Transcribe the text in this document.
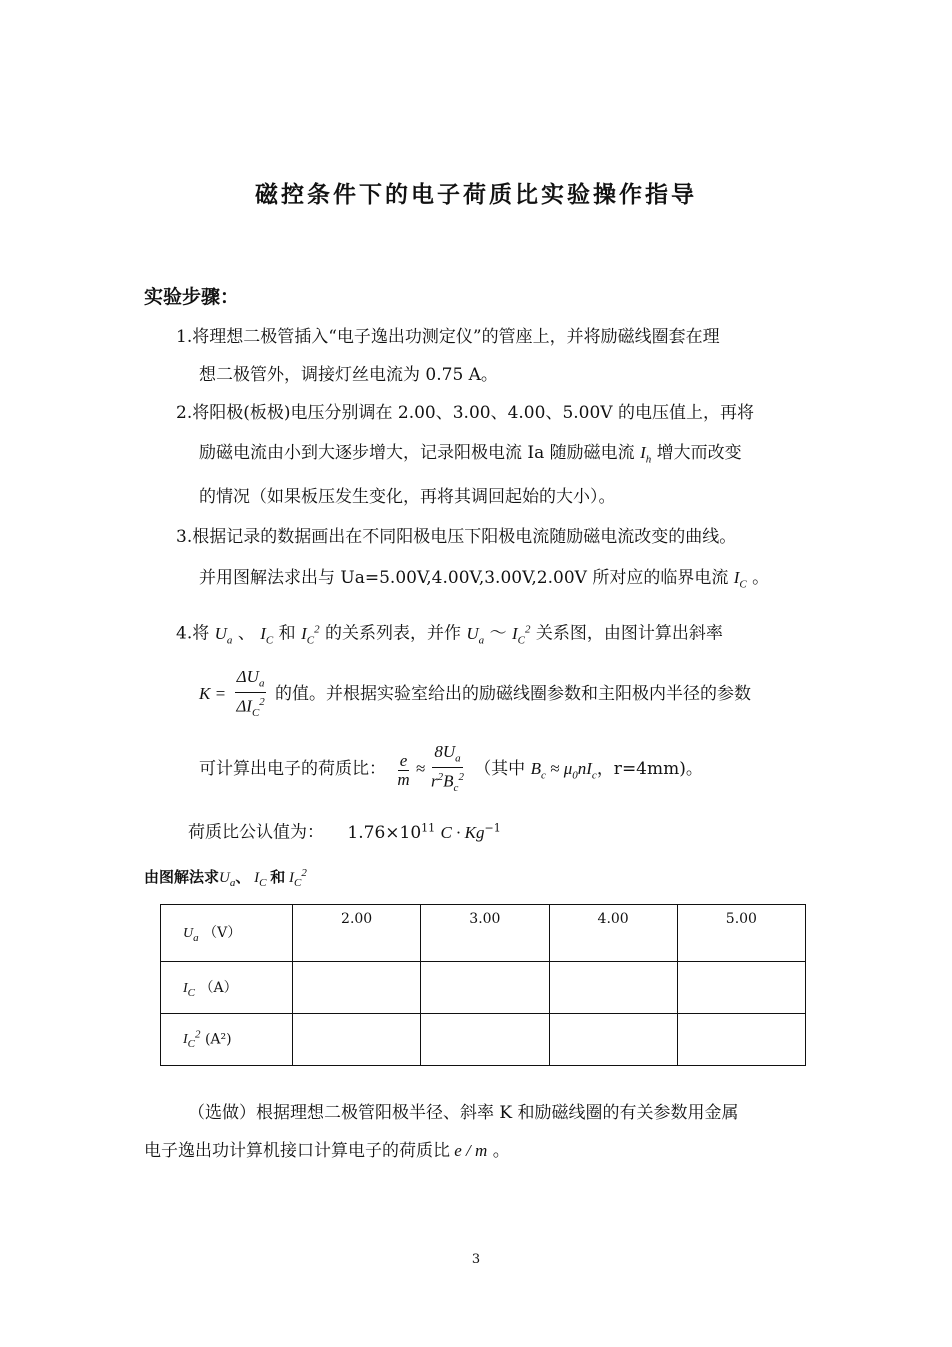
磁控条件下的电子荷质比实验操作指导
实验步骤：
1.将理想二极管插入“电子逸出功测定仪”的管座上，并将励磁线圈套在理
想二极管外，调接灯丝电流为 0.75 A。
2.将阳极(板极)电压分别调在 2.00、3.00、4.00、5.00V 的电压值上，再将
励磁电流由小到大逐步增大，记录阳极电流 Ia 随励磁电流 $I_h$ 增大而改变
的情况（如果板压发生变化，再将其调回起始的大小）。
3.根据记录的数据画出在不同阳极电压下阳极电流随励磁电流改变的曲线。
并用图解法求出与 Ua=5.00V,4.00V,3.00V,2.00V 所对应的临界电流 $I_C$ 。
4.将 $U_a$ 、 $I_C$ 和 $I_C^2$ 的关系列表，并作 $U_a$ ～ $I_C^2$ 关系图，由图计算出斜率
$K = \frac{\Delta U_a}{\Delta I_C^2}$ 的值。并根据实验室给出的励磁线圈参数和主阳极内半径的参数
可计算出电子的荷质比： $\frac{e}{m} \approx \frac{8U_a}{r^2B_c^2}$ （其中 $B_c \approx \mu_0nI_c$，r=4mm)。
荷质比公认值为： $1.76\times 10^{11}$ $C \cdot Kg^{-1}$
由图解法求$U_a$、 $I_C$ 和 $I_C^2$
$U_a$ （V）	2.00	3.00	4.00	5.00
$I_C$ （A）				
$I_C^2$ (A²)				
（选做）根据理想二极管阳极半径、斜率 K 和励磁线圈的有关参数用金属
电子逸出功计算机接口计算电子的荷质比 e / m 。
3
